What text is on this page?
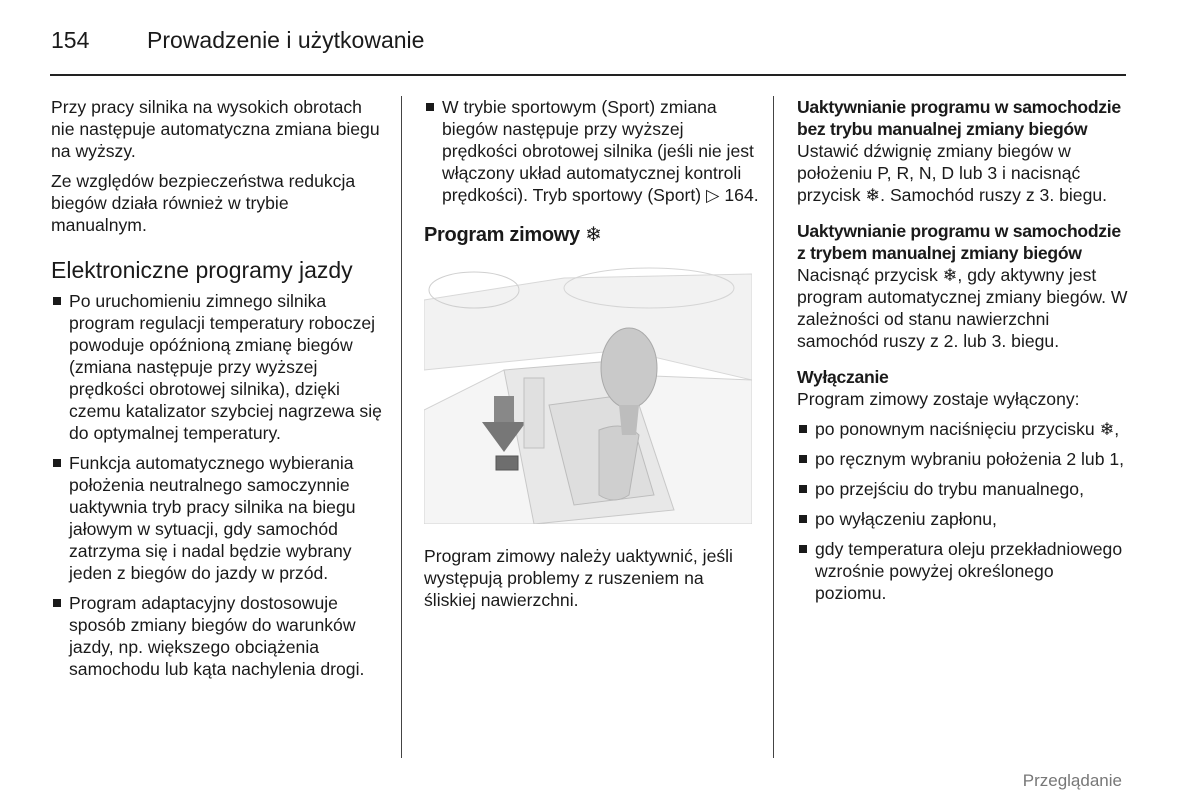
154	Prowadzenie i użytkowanie

Przy pracy silnika na wysokich obrotach nie następuje automatyczna zmiana biegu na wyższy.

Ze względów bezpieczeństwa redukcja biegów działa również w trybie manualnym.

Elektroniczne programy jazdy
Po uruchomieniu zimnego silnika program regulacji temperatury roboczej powoduje opóźnioną zmianę biegów (zmiana następuje przy wyższej prędkości obrotowej silnika), dzięki czemu katalizator szybciej nagrzewa się do optymalnej temperatury.
Funkcja automatycznego wybierania położenia neutralnego samoczynnie uaktywnia tryb pracy silnika na biegu jałowym w sytuacji, gdy samochód zatrzyma się i nadal będzie wybrany jeden z biegów do jazdy w przód.
Program adaptacyjny dostosowuje sposób zmiany biegów do warunków jazdy, np. większego obciążenia samochodu lub kąta nachylenia drogi.
W trybie sportowym (Sport) zmiana biegów następuje przy wyższej prędkości obrotowej silnika (jeśli nie jest włączony układ automatycznej kontroli prędkości). Tryb sportowy (Sport) ▷ 164.
Program zimowy ❄

Program zimowy należy uaktywnić, jeśli występują problemy z ruszeniem na śliskiej nawierzchni.

Uaktywnianie programu w samochodzie bez trybu manualnej zmiany biegów

Ustawić dźwignię zmiany biegów w położeniu P, R, N, D lub 3 i nacisnąć przycisk ❄. Samochód ruszy z 3. biegu.

Uaktywnianie programu w samochodzie z trybem manualnej zmiany biegów

Nacisnąć przycisk ❄, gdy aktywny jest program automatycznej zmiany biegów. W zależności od stanu nawierzchni samochód ruszy z 2. lub 3. biegu.

Wyłączanie

Program zimowy zostaje wyłączony:

po ponownym naciśnięciu przycisku ❄,
po ręcznym wybraniu położenia 2 lub 1,
po przejściu do trybu manualnego,
po wyłączeniu zapłonu,
gdy temperatura oleju przekładniowego wzrośnie powyżej określonego poziomu.
Przeglądanie
